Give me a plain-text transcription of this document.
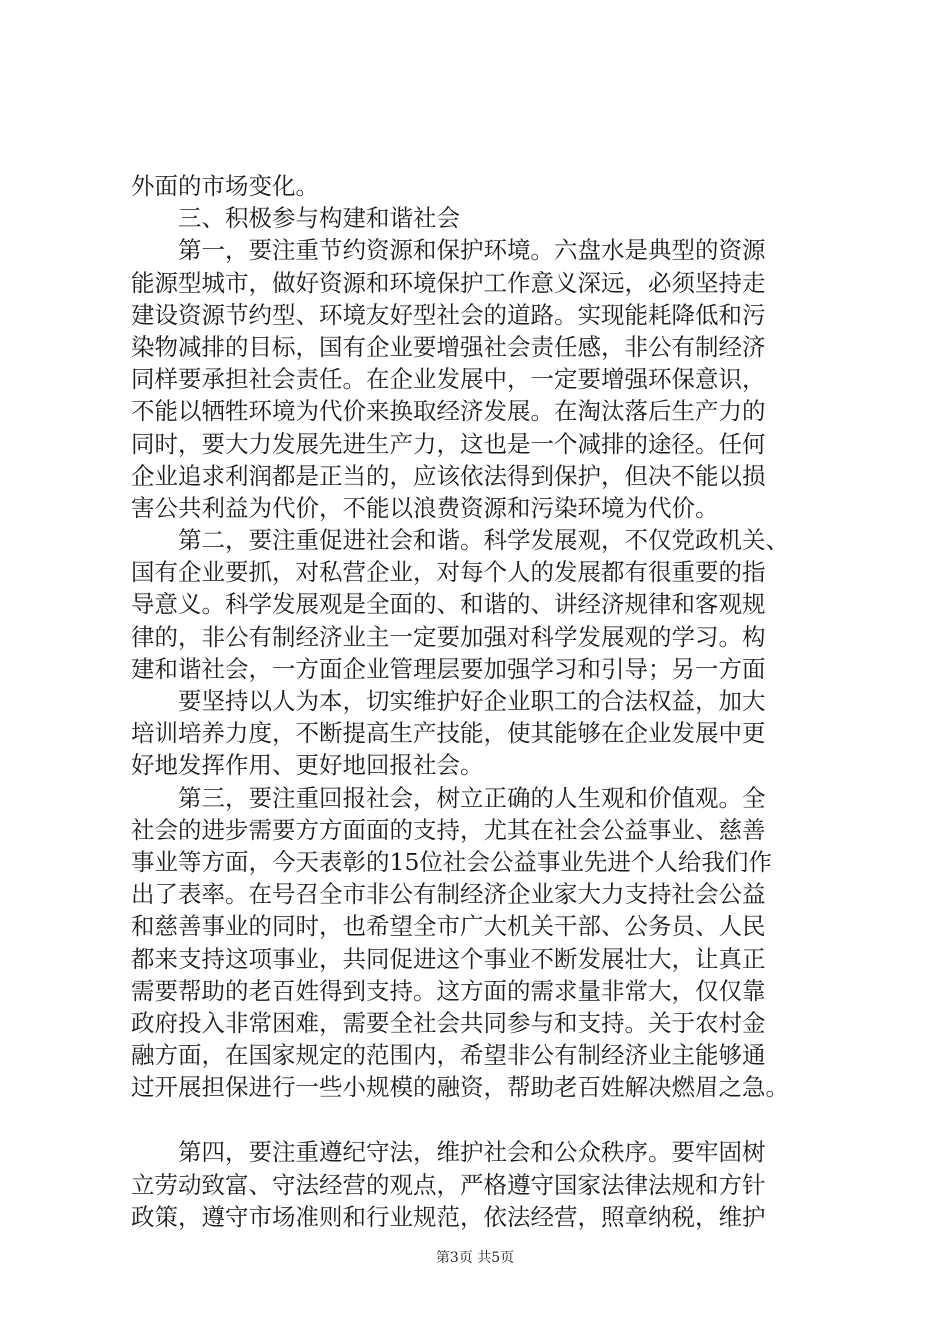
外面的市场变化。
三、积极参与构建和谐社会
第一，要注重节约资源和保护环境。六盘水是典型的资源
能源型城市，做好资源和环境保护工作意义深远，必须坚持走
建设资源节约型、环境友好型社会的道路。实现能耗降低和污
染物减排的目标，国有企业要增强社会责任感，非公有制经济
同样要承担社会责任。在企业发展中，一定要增强环保意识，
不能以牺牲环境为代价来换取经济发展。在淘汰落后生产力的
同时，要大力发展先进生产力，这也是一个减排的途径。任何
企业追求利润都是正当的，应该依法得到保护，但决不能以损
害公共利益为代价，不能以浪费资源和污染环境为代价。
第二，要注重促进社会和谐。科学发展观，不仅党政机关、
国有企业要抓，对私营企业，对每个人的发展都有很重要的指
导意义。科学发展观是全面的、和谐的、讲经济规律和客观规
律的，非公有制经济业主一定要加强对科学发展观的学习。构
建和谐社会，一方面企业管理层要加强学习和引导；另一方面
要坚持以人为本，切实维护好企业职工的合法权益，加大
培训培养力度，不断提高生产技能，使其能够在企业发展中更
好地发挥作用、更好地回报社会。
第三，要注重回报社会，树立正确的人生观和价值观。全
社会的进步需要方方面面的支持，尤其在社会公益事业、慈善
事业等方面，今天表彰的15位社会公益事业先进个人给我们作
出了表率。在号召全市非公有制经济企业家大力支持社会公益
和慈善事业的同时，也希望全市广大机关干部、公务员、人民
都来支持这项事业，共同促进这个事业不断发展壮大，让真正
需要帮助的老百姓得到支持。这方面的需求量非常大，仅仅靠
政府投入非常困难，需要全社会共同参与和支持。关于农村金
融方面，在国家规定的范围内，希望非公有制经济业主能够通
过开展担保进行一些小规模的融资，帮助老百姓解决燃眉之急。
第四，要注重遵纪守法，维护社会和公众秩序。要牢固树
立劳动致富、守法经营的观点，严格遵守国家法律法规和方针
政策，遵守市场准则和行业规范，依法经营，照章纳税，维护
第3页 共5页
